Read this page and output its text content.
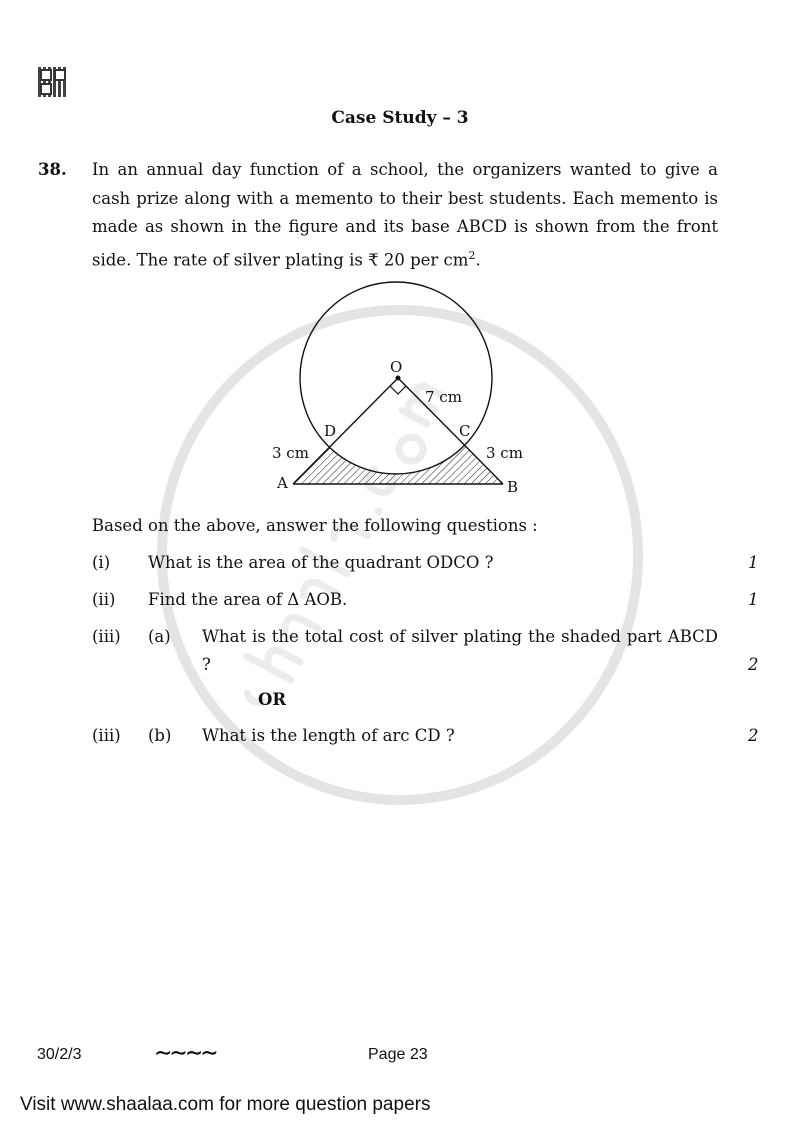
Case Study – 3
38. In an annual day function of a school, the organizers wanted to give a cash prize along with a memento to their best students. Each memento is made as shown in the figure and its base ABCD is shown from the front side. The rate of silver plating is ₹ 20 per $cm^2$.
O
7 cm
D	C
3 cm	3 cm
A	B
Based on the above, answer the following questions :
(i) What is the area of the quadrant ODCO ?	1
(ii) Find the area of Δ AOB.	1
(iii) (a) What is the total cost of silver plating the shaded part ABCD ?	2
OR
(iii) (b) What is the length of arc CD ?	2
30/2/3	∼∼∼∼	Page 23
Visit www.shaalaa.com for more question papers
